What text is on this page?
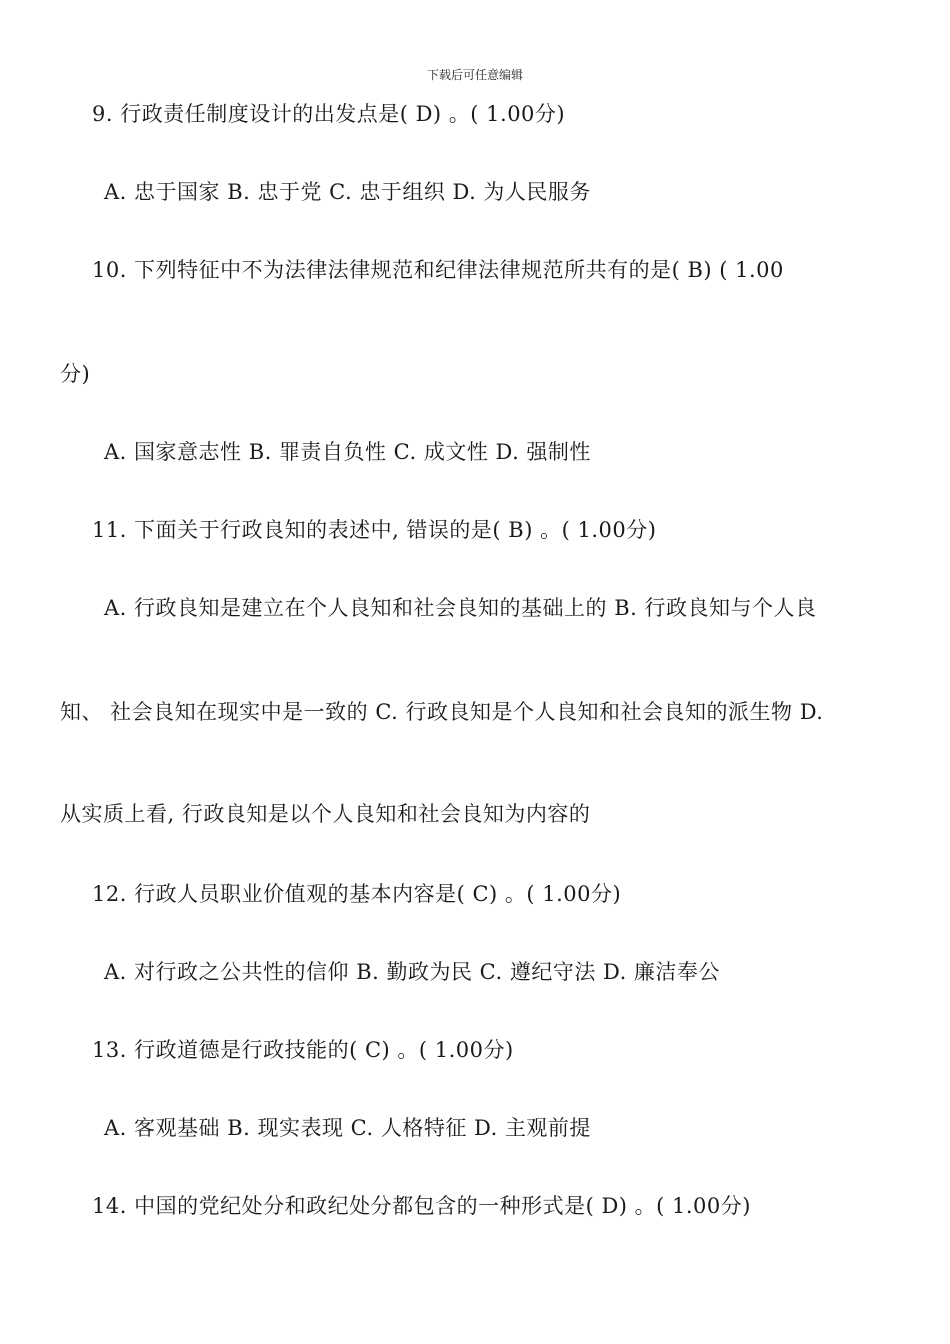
下载后可任意编辑
9. 行政责任制度设计的出发点是( D) 。( 1.00分)
A. 忠于国家 B. 忠于党 C. 忠于组织 D. 为人民服务
10. 下列特征中不为法律法律规范和纪律法律规范所共有的是( B) ( 1.00
分)
A. 国家意志性 B. 罪责自负性 C. 成文性 D. 强制性
11. 下面关于行政良知的表述中, 错误的是( B) 。( 1.00分)
A. 行政良知是建立在个人良知和社会良知的基础上的 B. 行政良知与个人良
知、 社会良知在现实中是一致的 C. 行政良知是个人良知和社会良知的派生物 D.
从实质上看, 行政良知是以个人良知和社会良知为内容的
12. 行政人员职业价值观的基本内容是( C) 。( 1.00分)
A. 对行政之公共性的信仰 B. 勤政为民 C. 遵纪守法 D. 廉洁奉公
13. 行政道德是行政技能的( C) 。( 1.00分)
A. 客观基础 B. 现实表现 C. 人格特征 D. 主观前提
14. 中国的党纪处分和政纪处分都包含的一种形式是( D) 。( 1.00分)
